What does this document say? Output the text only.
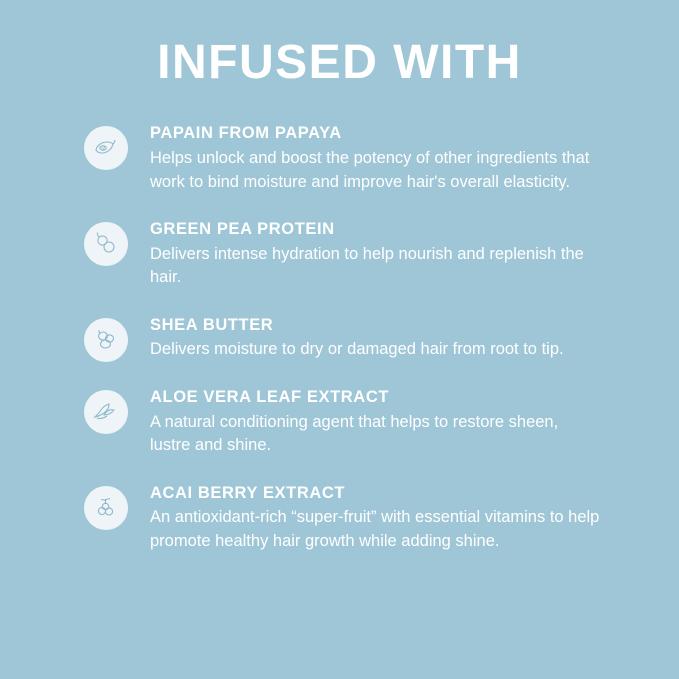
INFUSED WITH

PAPAIN FROM PAPAYA

Helps unlock and boost the potency of other ingredients that work to bind moisture and improve hair's overall elasticity.

GREEN PEA PROTEIN

Delivers intense hydration to help nourish and replenish the hair.

SHEA BUTTER

Delivers moisture to dry or damaged hair from root to tip.

ALOE VERA LEAF EXTRACT

A natural conditioning agent that helps to restore sheen, lustre and shine.

ACAI BERRY EXTRACT

An antioxidant-rich “super-fruit” with essential vitamins to help promote healthy hair growth while adding shine.
